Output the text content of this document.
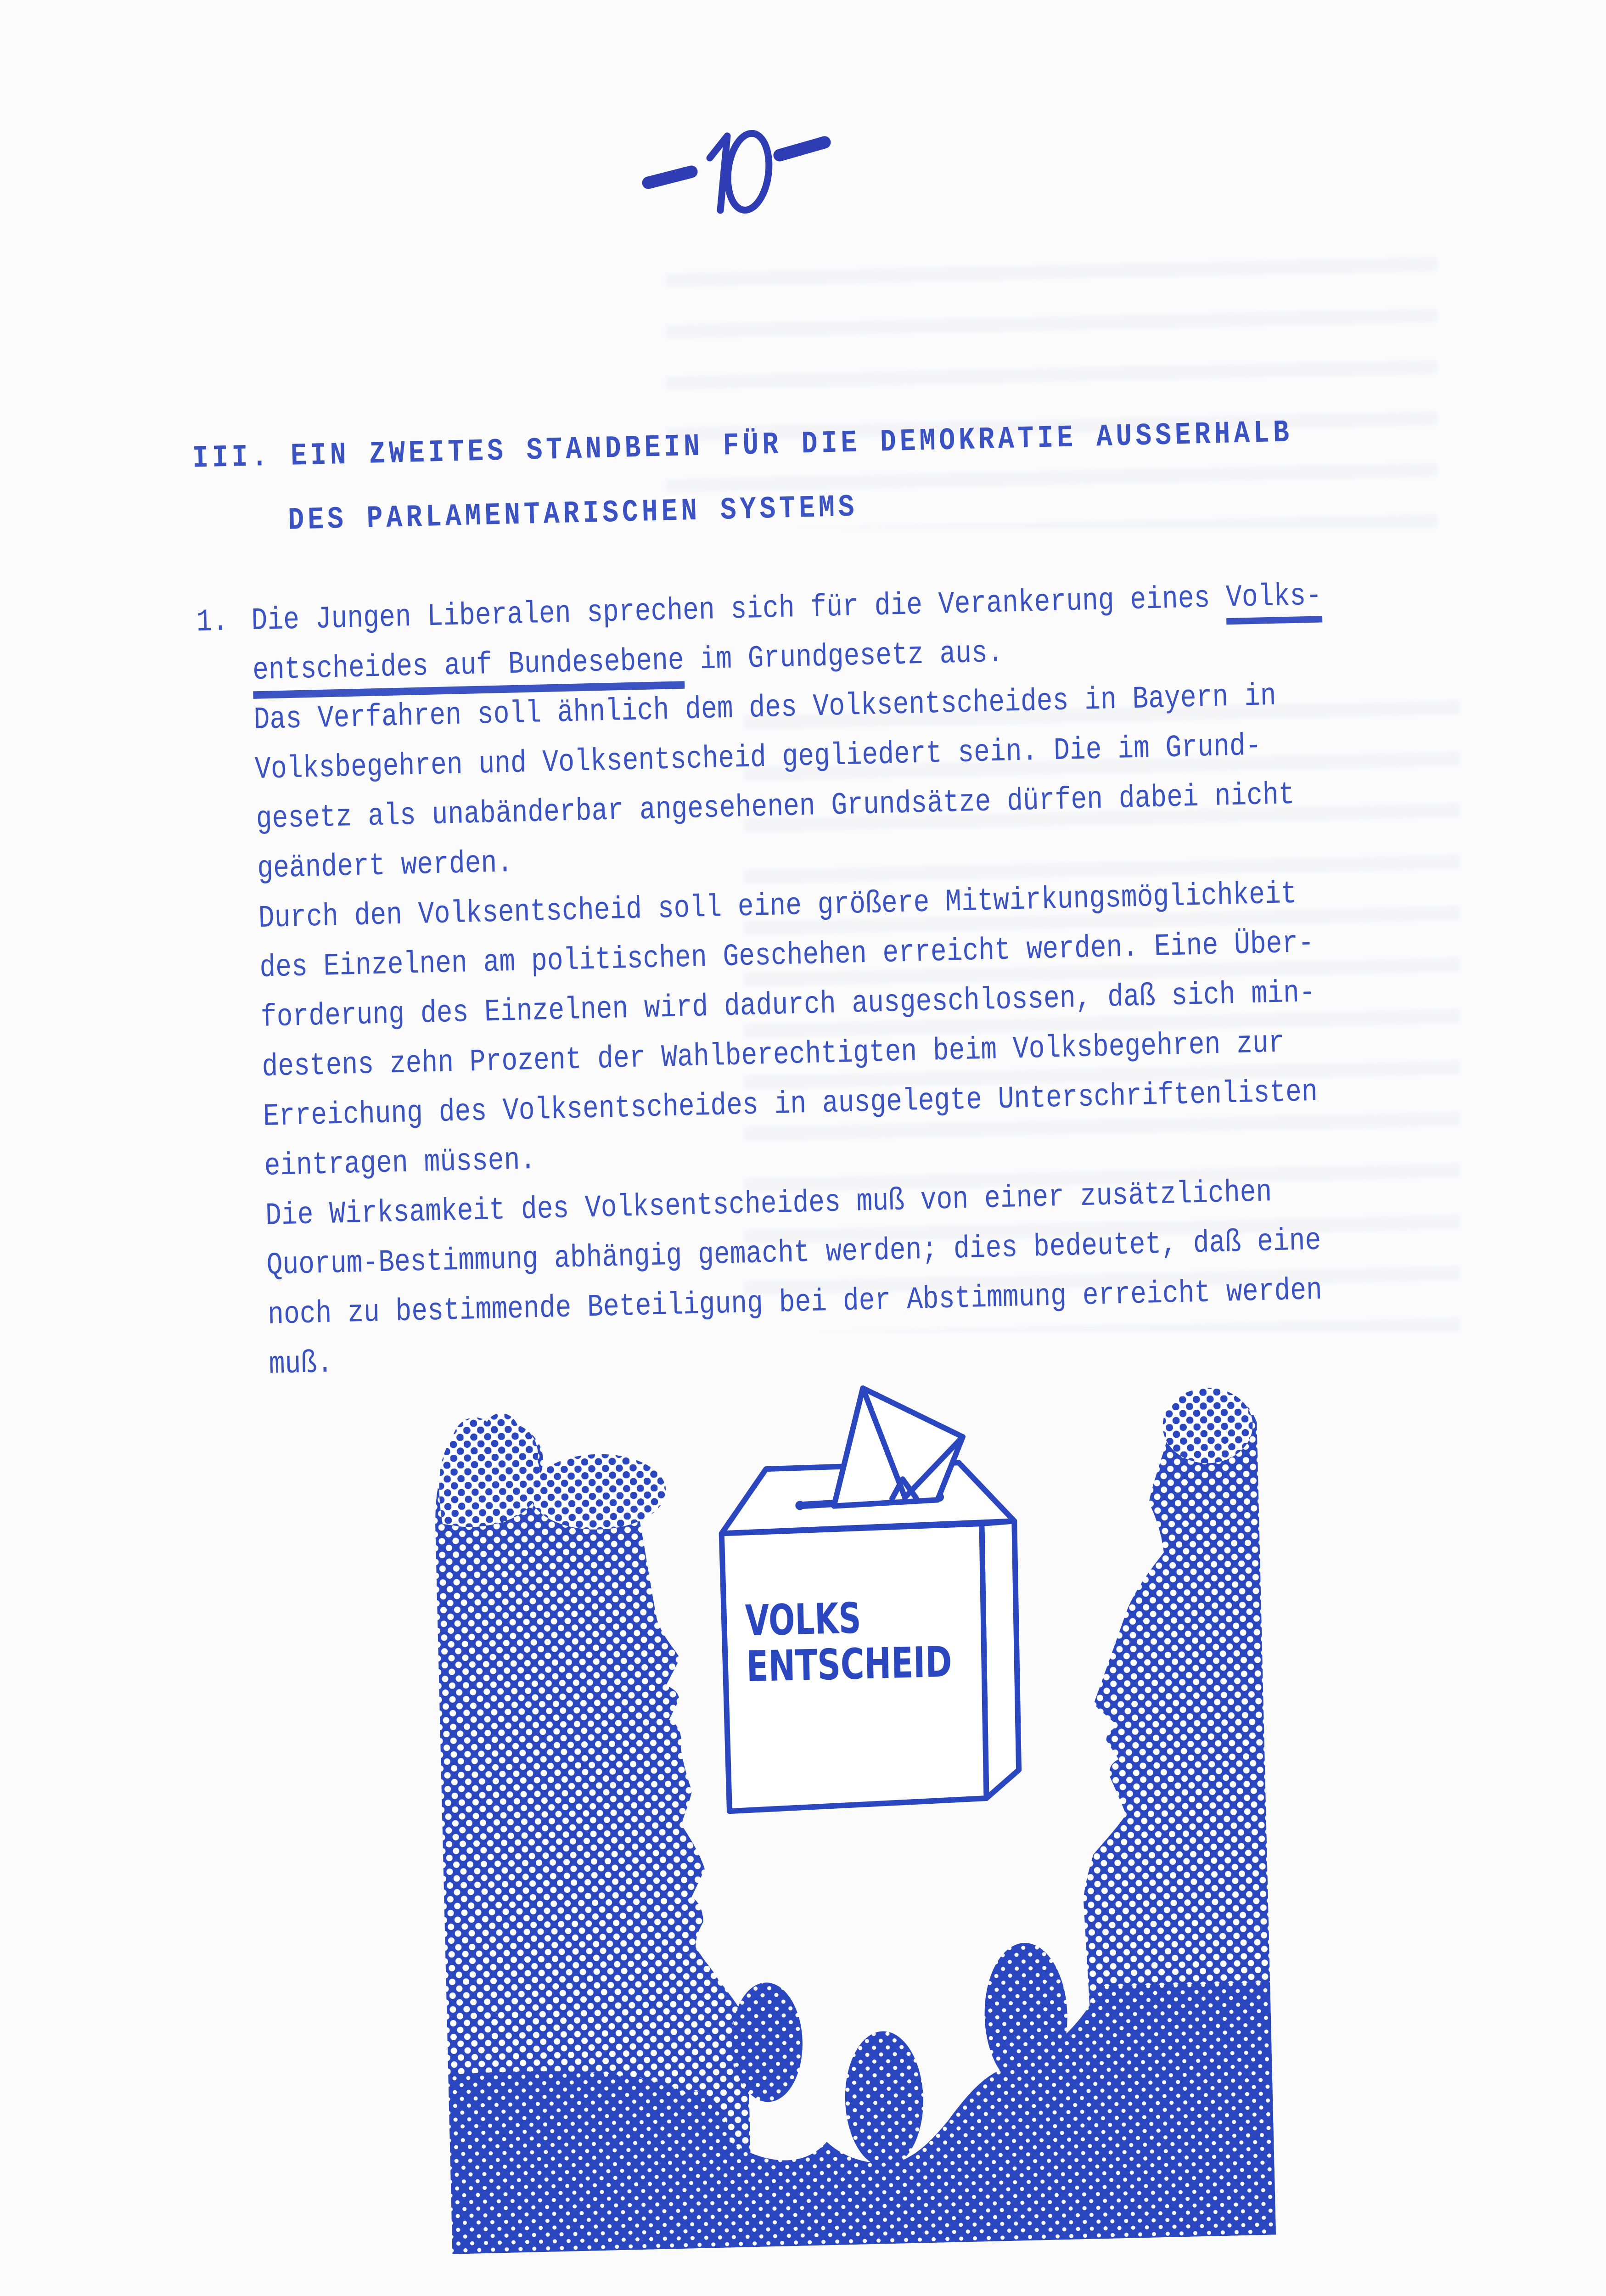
III. EIN ZWEITES STANDBEIN FÜR DIE DEMOKRATIE AUSSERHALB
DES PARLAMENTARISCHEN SYSTEMS
1. Die Jungen Liberalen sprechen sich für die Verankerung eines Volks-
entscheides auf Bundesebene im Grundgesetz aus.
Das Verfahren soll ähnlich dem des Volksentscheides in Bayern in
Volksbegehren und Volksentscheid gegliedert sein. Die im Grund-
gesetz als unabänderbar angesehenen Grundsätze dürfen dabei nicht
geändert werden.
Durch den Volksentscheid soll eine größere Mitwirkungsmöglichkeit
des Einzelnen am politischen Geschehen erreicht werden. Eine Über-
forderung des Einzelnen wird dadurch ausgeschlossen, daß sich min-
destens zehn Prozent der Wahlberechtigten beim Volksbegehren zur
Erreichung des Volksentscheides in ausgelegte Unterschriftenlisten
eintragen müssen.
Die Wirksamkeit des Volksentscheides muß von einer zusätzlichen
Quorum-Bestimmung abhängig gemacht werden; dies bedeutet, daß eine
noch zu bestimmende Beteiligung bei der Abstimmung erreicht werden
muß.
VOLKS
ENTSCHEID
